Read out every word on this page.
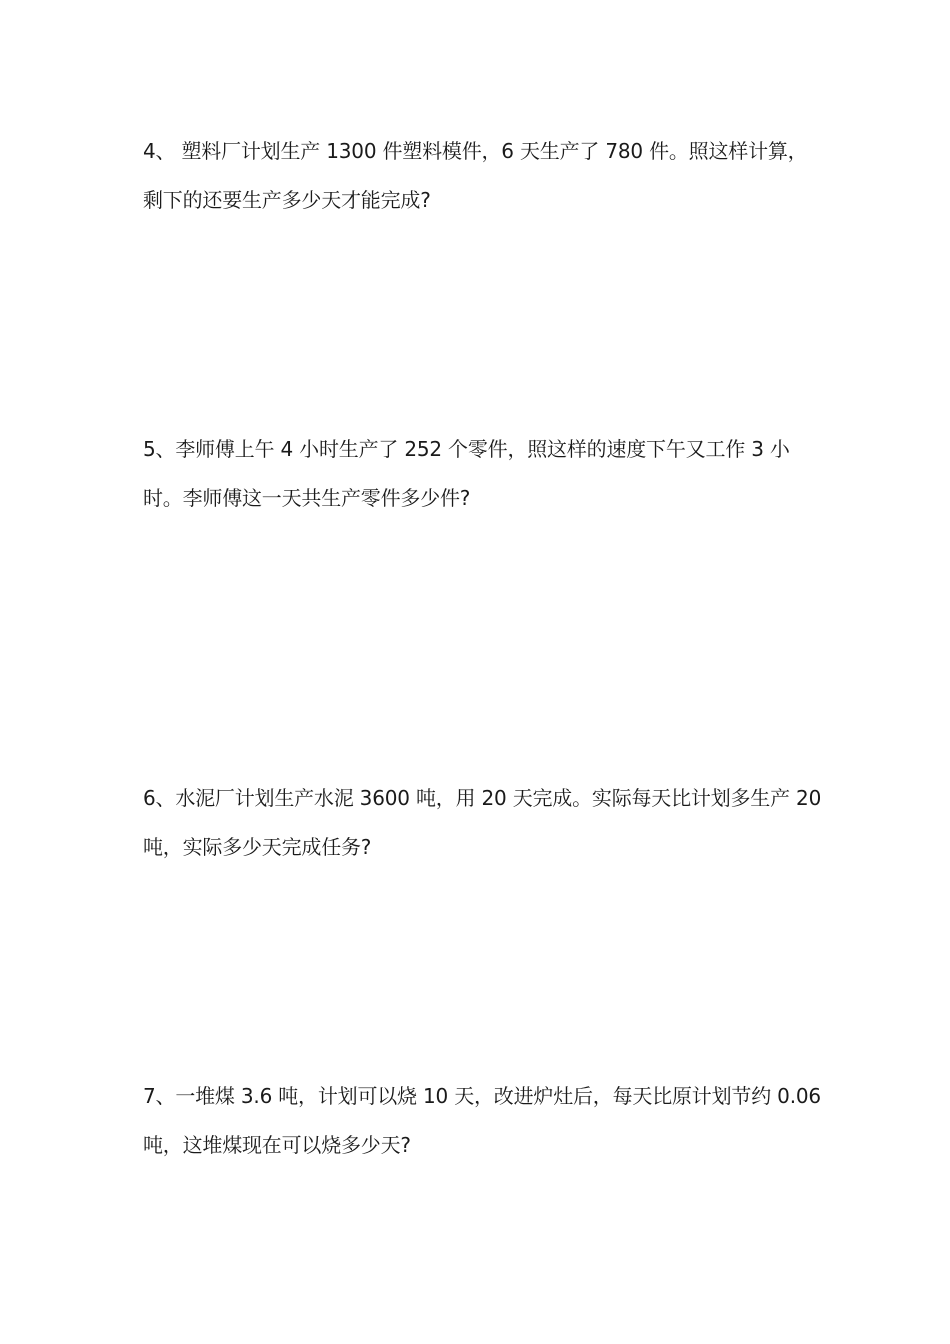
4、 塑料厂计划生产 1300 件塑料模件，6 天生产了 780 件。照这样计算，
剩下的还要生产多少天才能完成?
5、李师傅上午 4 小时生产了 252 个零件，照这样的速度下午又工作 3 小
时。李师傅这一天共生产零件多少件?
6、水泥厂计划生产水泥 3600 吨，用 20 天完成。实际每天比计划多生产 20
吨，实际多少天完成任务?
7、一堆煤 3.6 吨，计划可以烧 10 天，改进炉灶后，每天比原计划节约 0.06
吨，这堆煤现在可以烧多少天?
